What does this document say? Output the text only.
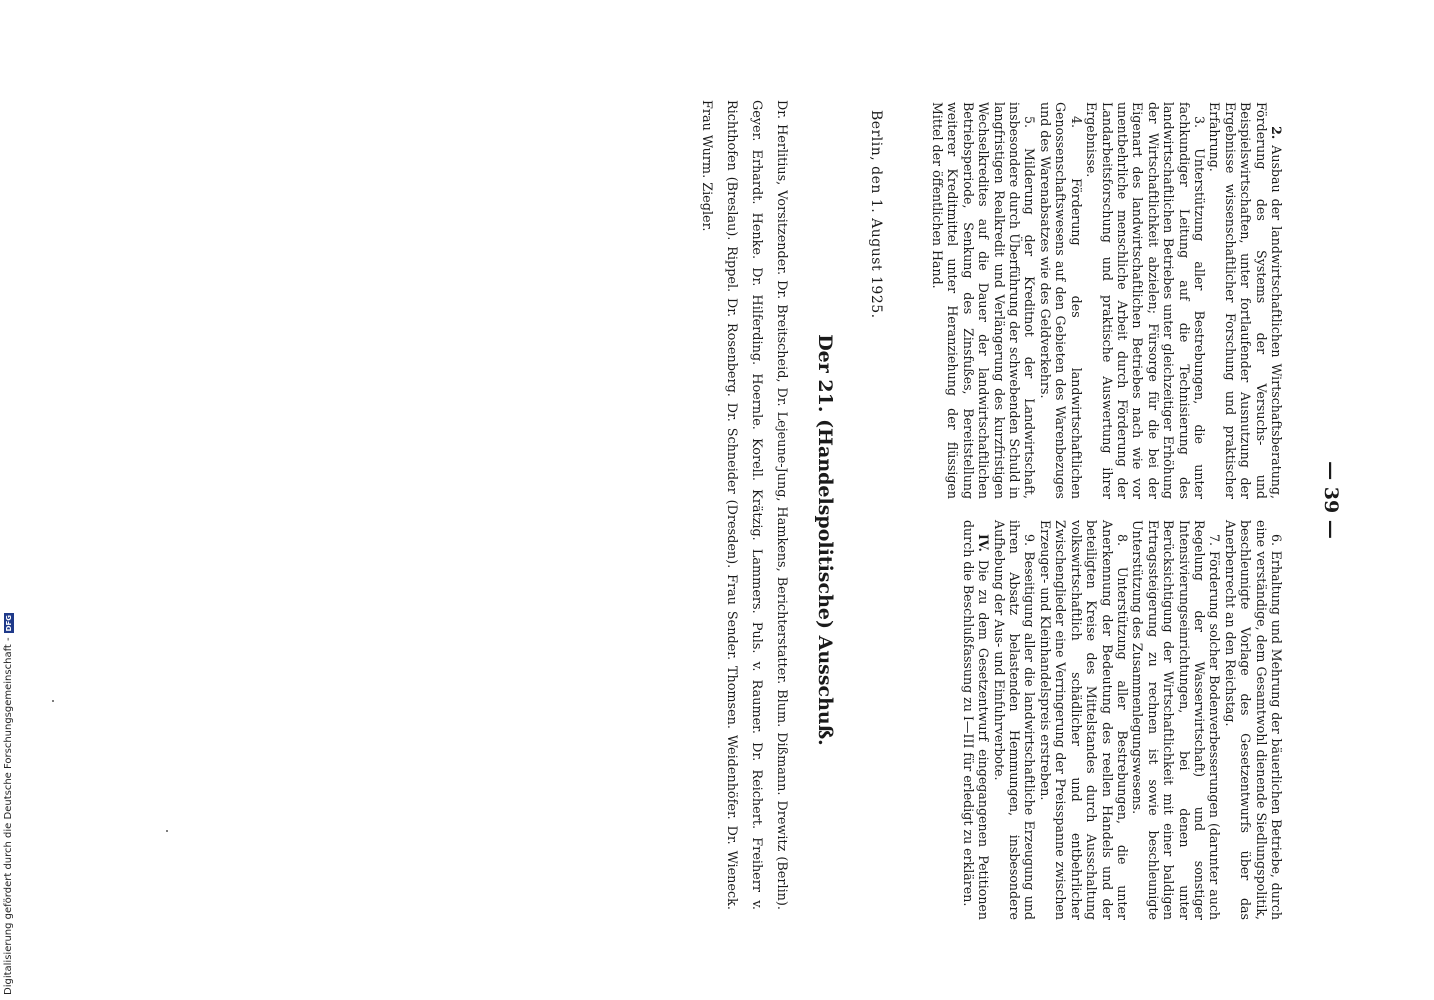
— 39 —

2. Ausbau der landwirtschaftlichen Wirtschaftsberatung, Förderung des Systems der Versuchs- und Beispielswirtschaften, unter fortlaufender Ausnutzung der Ergebnisse wissenschaftlicher Forschung und praktischer Erfahrung.

3. Unterstützung aller Bestrebungen, die unter fachkundiger Leitung auf die Technisierung des landwirtschaftlichen Betriebes unter gleichzeitiger Erhöhung der Wirtschaftlichkeit abzielen; Fürsorge für die bei der Eigenart des landwirtschaftlichen Betriebes nach wie vor unentbehrliche menschliche Arbeit durch Förderung der Landarbeitsforschung und praktische Auswertung ihrer Ergebnisse.

4. Förderung des landwirtschaftlichen Genossenschaftswesens auf den Gebieten des Warenbezuges und des Warenabsatzes wie des Geldverkehrs.

5. Milderung der Kreditnot der Landwirtschaft, insbesondere durch Überführung der schwebenden Schuld in langfristigen Realkredit und Verlängerung des kurzfristigen Wechselkredites auf die Dauer der landwirtschaftlichen Betriebsperiode, Senkung des Zinsfußes, Bereitstellung weiterer Kreditmittel unter Heranziehung der flüssigen Mittel der öffentlichen Hand.

6. Erhaltung und Mehrung der bäuerlichen Betriebe, durch eine verständige, dem Gesamtwohl dienende Siedlungspolitik, beschleunigte Vorlage des Gesetzentwurfs über das Anerbenrecht an den Reichstag.

7. Förderung solcher Bodenverbesserungen (darunter auch Regelung der Wasserwirtschaft) und sonstiger Intensivierungseinrichtungen, bei denen unter Berücksichtigung der Wirtschaftlichkeit mit einer baldigen Ertragssteigerung zu rechnen ist sowie beschleunigte Unterstützung des Zusammenlegungswesens.

8. Unterstützung aller Bestrebungen, die unter Anerkennung der Bedeutung des reellen Handels und der beteiligten Kreise des Mittelstandes durch Ausschaltung volkswirtschaftlich schädlicher und entbehrlicher Zwischenglieder eine Verringerung der Preisspanne zwischen Erzeuger- und Kleinhandelspreis erstreben.

9. Beseitigung aller die landwirtschaftliche Erzeugung und ihren Absatz belastenden Hemmungen, insbesondere Aufhebung der Aus- und Einfuhrverbote.

IV. Die zu dem Gesetzentwurf eingegangenen Petitionen durch die Beschlußfassung zu I—III für erledigt zu erklären.

Berlin, den 1. August 1925.
Der 21. (Handelspolitische) Ausschuß.
Dr. Herlitius, Vorsitzender. Dr. Breitscheid, Dr. Lejeune-Jung, Hamkens, Berichterstatter. Blum. Dißmann. Drewitz (Berlin). Geyer. Erhardt. Henke. Dr. Hilferding. Hoernle. Korell. Krätzig. Lammers. Puls. v. Raumer. Dr. Reichert. Freiherr v. Richthofen (Breslau). Rippel. Dr. Rosenberg. Dr. Schneider (Dresden). Frau Sender. Thomsen. Weidenhöfer. Dr. Wieneck. Frau Wurm. Ziegler.
Digitalisierung gefördert durch die Deutsche Forschungsgemeinschaft -
DFG
